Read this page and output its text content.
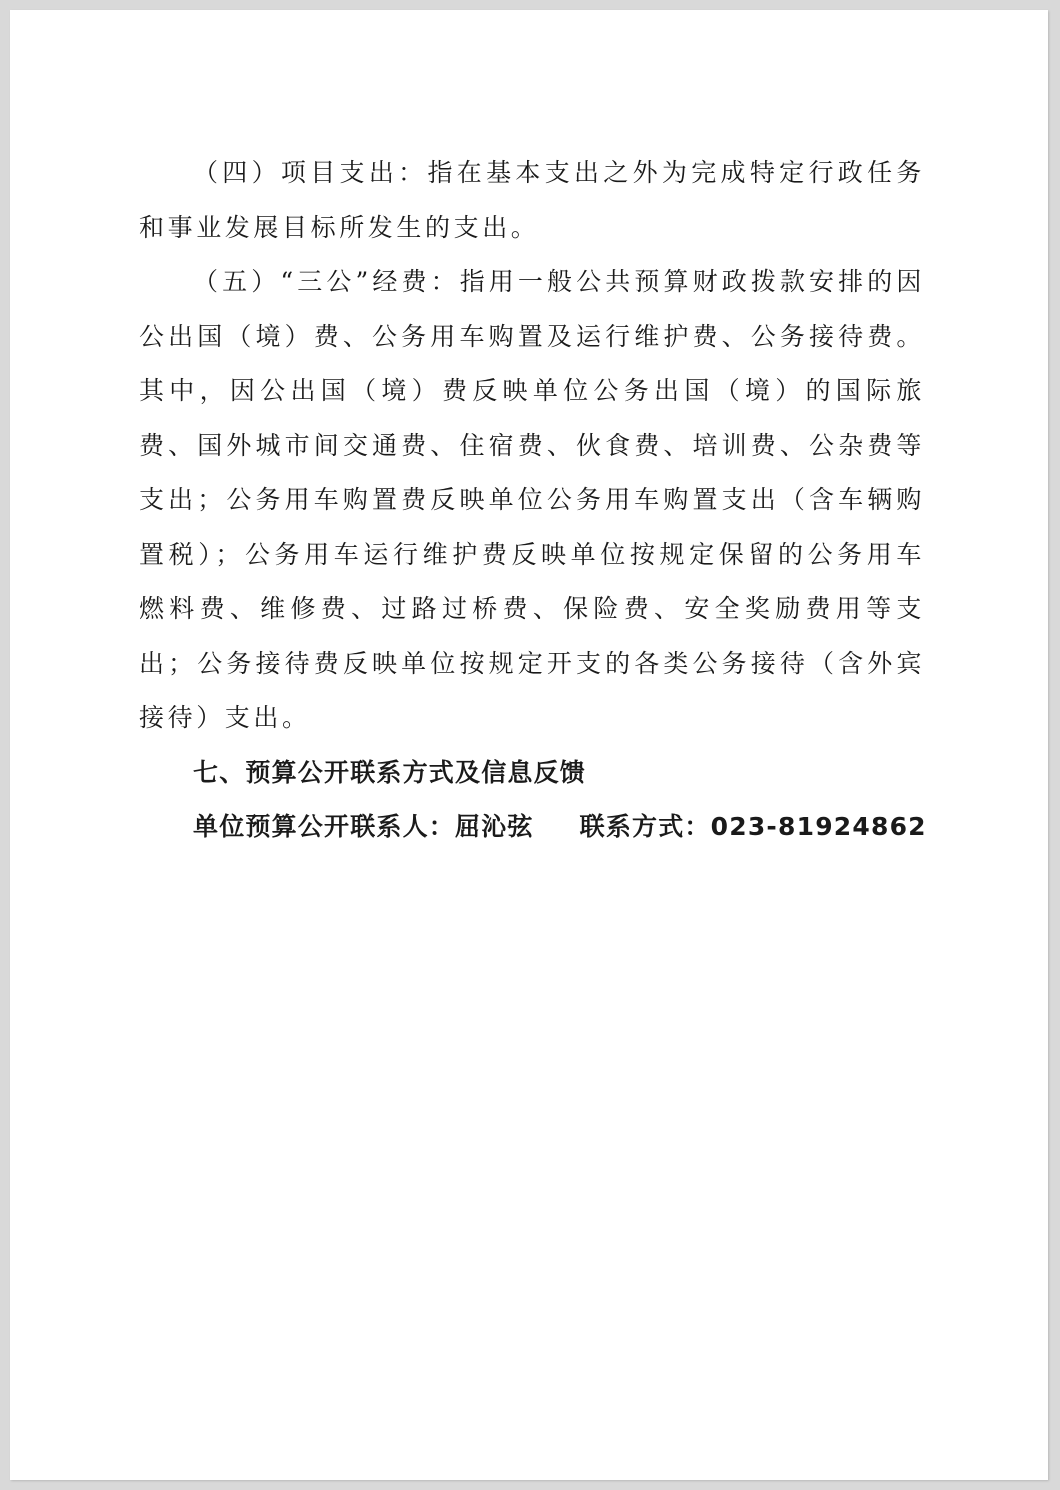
（四）项目支出：指在基本支出之外为完成特定行政任务和事业发展目标所发生的支出。

（五）“三公”经费：指用一般公共预算财政拨款安排的因公出国（境）费、公务用车购置及运行维护费、公务接待费。其中，因公出国（境）费反映单位公务出国（境）的国际旅费、国外城市间交通费、住宿费、伙食费、培训费、公杂费等支出；公务用车购置费反映单位公务用车购置支出（含车辆购置税）；公务用车运行维护费反映单位按规定保留的公务用车燃料费、维修费、过路过桥费、保险费、安全奖励费用等支出；公务接待费反映单位按规定开支的各类公务接待（含外宾接待）支出。

七、预算公开联系方式及信息反馈

单位预算公开联系人：屈沁弦 联系方式：023-81924862
